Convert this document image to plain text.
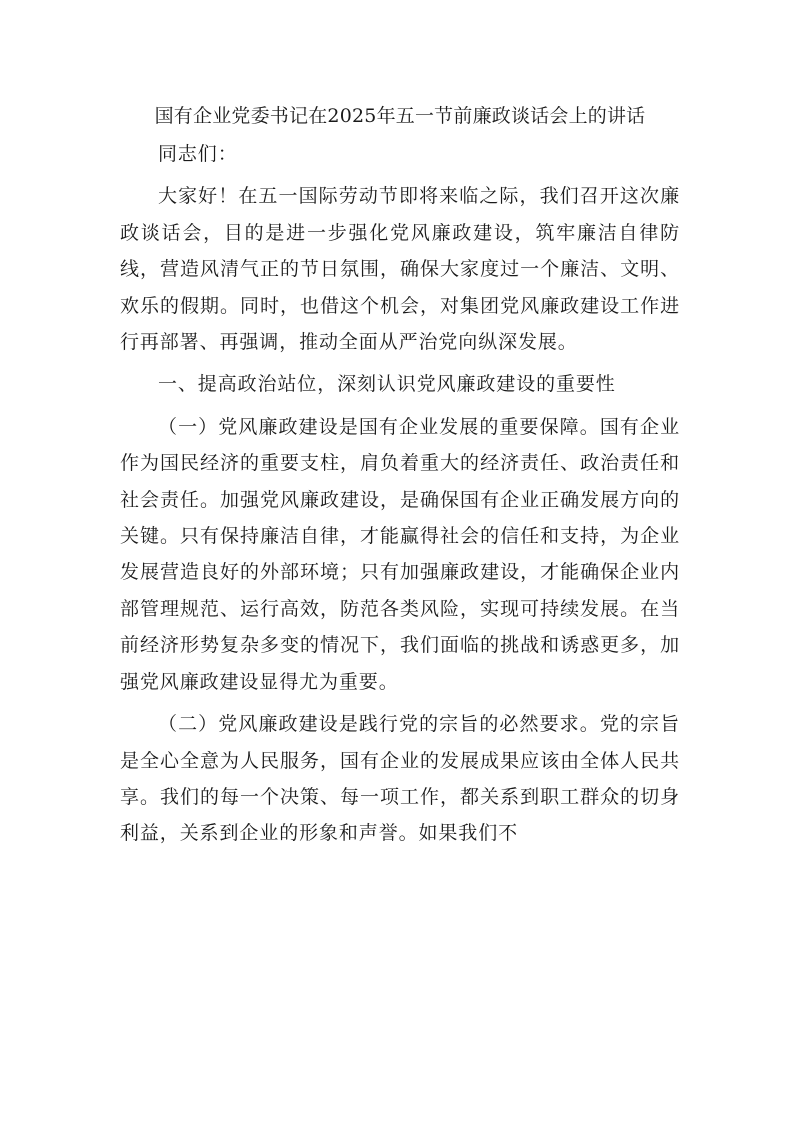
国有企业党委书记在2025年五一节前廉政谈话会上的讲话

同志们：

大家好！在五一国际劳动节即将来临之际，我们召开这次廉政谈话会，目的是进一步强化党风廉政建设，筑牢廉洁自律防线，营造风清气正的节日氛围，确保大家度过一个廉洁、文明、欢乐的假期。同时，也借这个机会，对集团党风廉政建设工作进行再部署、再强调，推动全面从严治党向纵深发展。

一、提高政治站位，深刻认识党风廉政建设的重要性

（一）党风廉政建设是国有企业发展的重要保障。国有企业作为国民经济的重要支柱，肩负着重大的经济责任、政治责任和社会责任。加强党风廉政建设，是确保国有企业正确发展方向的关键。只有保持廉洁自律，才能赢得社会的信任和支持，为企业发展营造良好的外部环境；只有加强廉政建设，才能确保企业内部管理规范、运行高效，防范各类风险，实现可持续发展。在当前经济形势复杂多变的情况下，我们面临的挑战和诱惑更多，加强党风廉政建设显得尤为重要。

（二）党风廉政建设是践行党的宗旨的必然要求。党的宗旨是全心全意为人民服务，国有企业的发展成果应该由全体人民共享。我们的每一个决策、每一项工作，都关系到职工群众的切身利益，关系到企业的形象和声誉。如果我们不
